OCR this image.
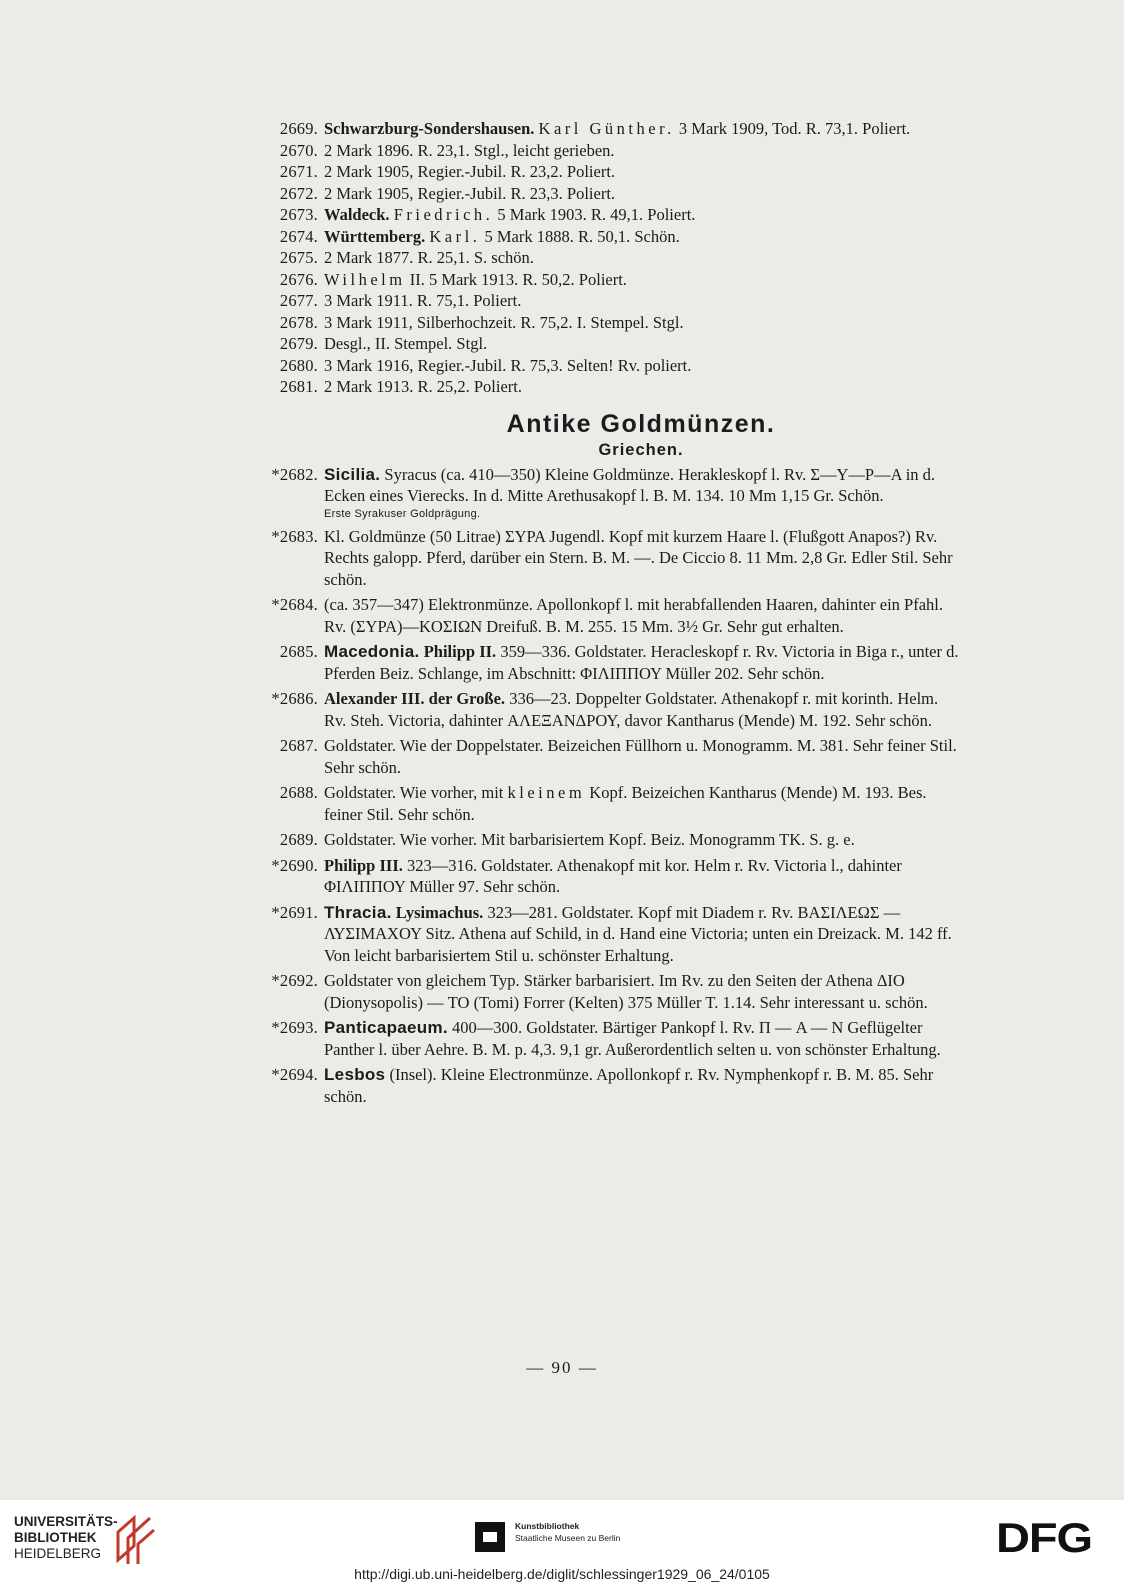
2669. Schwarzburg-Sondershausen. Karl Günther. 3 Mark 1909, Tod. R. 73,1. Poliert.
2670. 2 Mark 1896. R. 23,1. Stgl., leicht gerieben.
2671. 2 Mark 1905, Regier.-Jubil. R. 23,2. Poliert.
2672. 2 Mark 1905, Regier.-Jubil. R. 23,3. Poliert.
2673. Waldeck. Friedrich. 5 Mark 1903. R. 49,1. Poliert.
2674. Württemberg. Karl. 5 Mark 1888. R. 50,1. Schön.
2675. 2 Mark 1877. R. 25,1. S. schön.
2676. Wilhelm II. 5 Mark 1913. R. 50,2. Poliert.
2677. 3 Mark 1911. R. 75,1. Poliert.
2678. 3 Mark 1911, Silberhochzeit. R. 75,2. I. Stempel. Stgl.
2679. Desgl., II. Stempel. Stgl.
2680. 3 Mark 1916, Regier.-Jubil. R. 75,3. Selten! Rv. poliert.
2681. 2 Mark 1913. R. 25,2. Poliert.
Antike Goldmünzen.
Griechen.
*2682. Sicilia. Syracus (ca. 410—350) Kleine Goldmünze. Herakleskopf l. Rv. Σ—Y—P—A in d. Ecken eines Vierecks. In d. Mitte Arethusakopf l. B. M. 134. 10 Mm 1,15 Gr. Schön.
Erste Syrakuser Goldprägung.
*2683. Kl. Goldmünze (50 Litrae) ΣYPA Jugendl. Kopf mit kurzem Haare l. (Flußgott Anapos?) Rv. Rechts galopp. Pferd, darüber ein Stern. B. M. —. De Ciccio 8. 11 Mm. 2,8 Gr. Edler Stil. Sehr schön.
*2684. (ca. 357—347) Elektronmünze. Apollonkopf l. mit herabfallenden Haaren, dahinter ein Pfahl. Rv. (ΣYPA)—KOΣIΩN Dreifuß. B. M. 255. 15 Mm. 3½ Gr. Sehr gut erhalten.
2685. Macedonia. Philipp II. 359—336. Goldstater. Heracleskopf r. Rv. Victoria in Biga r., unter d. Pferden Beiz. Schlange, im Abschnitt: ΦΙΛΙΠΠΟΥ Müller 202. Sehr schön.
*2686. Alexander III. der Große. 336—23. Doppelter Goldstater. Athenakopf r. mit korinth. Helm. Rv. Steh. Victoria, dahinter ΑΛΕΞΑΝΔΡΟΥ, davor Kantharus (Mende) M. 192. Sehr schön.
2687. Goldstater. Wie der Doppelstater. Beizeichen Füllhorn u. Monogramm. M. 381. Sehr feiner Stil. Sehr schön.
2688. Goldstater. Wie vorher, mit kleinem Kopf. Beizeichen Kantharus (Mende) M. 193. Bes. feiner Stil. Sehr schön.
2689. Goldstater. Wie vorher. Mit barbarisiertem Kopf. Beiz. Monogramm TK. S. g. e.
*2690. Philipp III. 323—316. Goldstater. Athenakopf mit kor. Helm r. Rv. Victoria l., dahinter ΦΙΛΙΠΠΟΥ Müller 97. Sehr schön.
*2691. Thracia. Lysimachus. 323—281. Goldstater. Kopf mit Diadem r. Rv. ΒΑΣΙΛΕΩΣ — ΛΥΣΙΜΑΧΟΥ Sitz. Athena auf Schild, in d. Hand eine Victoria; unten ein Dreizack. M. 142 ff. Von leicht barbarisiertem Stil u. schönster Erhaltung.
*2692. Goldstater von gleichem Typ. Stärker barbarisiert. Im Rv. zu den Seiten der Athena ΔΙΟ (Dionysopolis) — TO (Tomi) Forrer (Kelten) 375 Müller T. 1.14. Sehr interessant u. schön.
*2693. Panticapaeum. 400—300. Goldstater. Bärtiger Pankopf l. Rv. Π — A — N Geflügelter Panther l. über Aehre. B. M. p. 4,3. 9,1 gr. Außerordentlich selten u. von schönster Erhaltung.
*2694. Lesbos (Insel). Kleine Electronmünze. Apollonkopf r. Rv. Nymphenkopf r. B. M. 85. Sehr schön.
— 90 —
UNIVERSITÄTS-
BIBLIOTHEK
HEIDELBERG
Kunstbibliothek
Staatliche Museen zu Berlin	DFG
http://digi.ub.uni-heidelberg.de/diglit/schlessinger1929_06_24/0105
